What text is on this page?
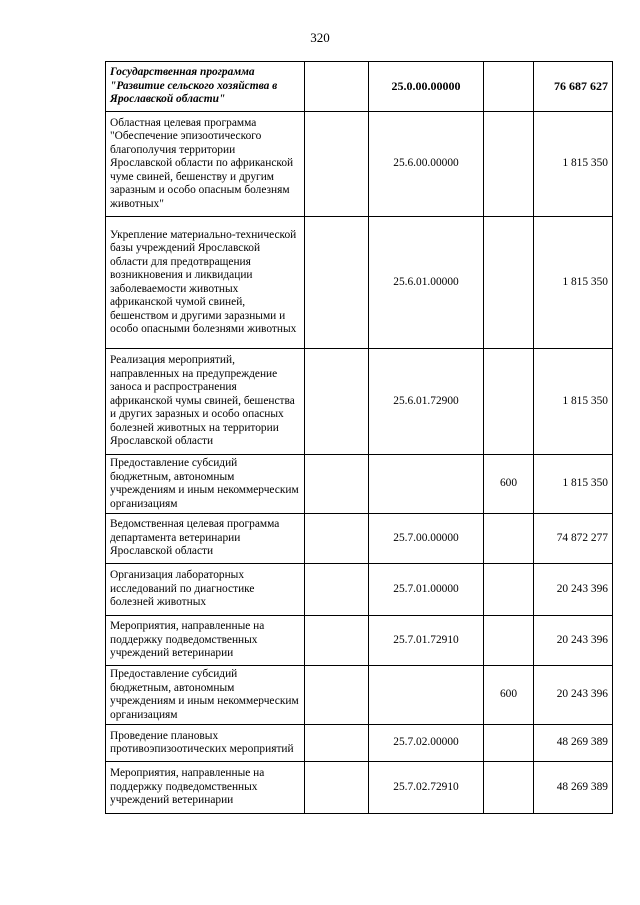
320
Государственная программа "Развитие сельского хозяйства в Ярославской области"		25.0.00.00000		76 687 627
Областная целевая программа "Обеспечение эпизоотического благополучия территории Ярославской области по африканской чуме свиней, бешенству и другим заразным и особо опасным болезням животных"		25.6.00.00000		1 815 350
Укрепление материально-технической базы учреждений Ярославской области для предотвращения возникновения и ликвидации заболеваемости животных африканской чумой свиней, бешенством и другими заразными и особо опасными болезнями животных		25.6.01.00000		1 815 350
Реализация мероприятий, направленных на предупреждение заноса и распространения африканской чумы свиней, бешенства и других заразных и особо опасных болезней животных на территории Ярославской области		25.6.01.72900		1 815 350
Предоставление субсидий бюджетным, автономным учреждениям и иным некоммерческим организациям			600	1 815 350
Ведомственная целевая программа департамента ветеринарии Ярославской области		25.7.00.00000		74 872 277
Организация лабораторных исследований по диагностике болезней животных		25.7.01.00000		20 243 396
Мероприятия, направленные на поддержку подведомственных учреждений ветеринарии		25.7.01.72910		20 243 396
Предоставление субсидий бюджетным, автономным учреждениям и иным некоммерческим организациям			600	20 243 396
Проведение плановых противоэпизоотических мероприятий		25.7.02.00000		48 269 389
Мероприятия, направленные на поддержку подведомственных учреждений ветеринарии		25.7.02.72910		48 269 389
